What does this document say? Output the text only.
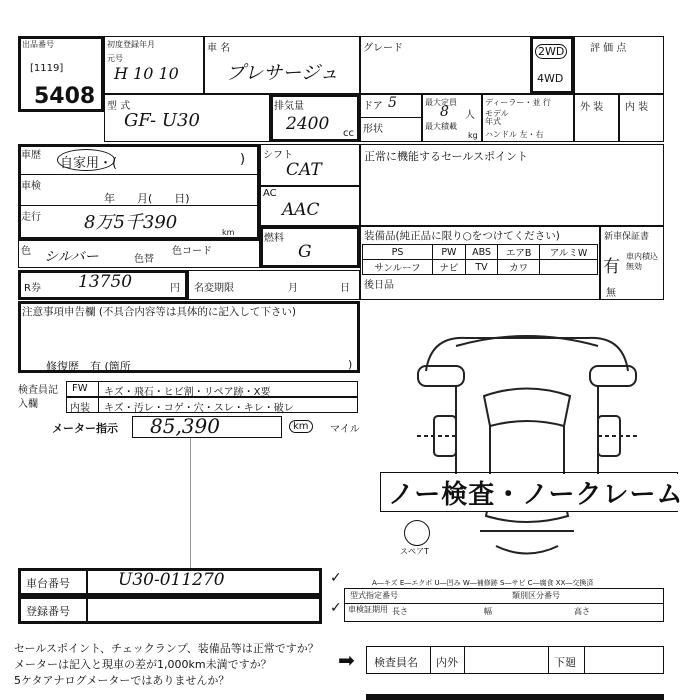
出品番号
[1119]
5408
初度登録年月
元号
H 10 10
車 名
プレサージュ
グレード	2WD
4WD
評 価 点
型 式
GF- U30
排気量
2400 cc
ドア 5
形状
最大定員
8 人
最大積載
kg
ディーラー・並 行
モデル年式
ハンドル 左・右
外 装 内 装
車歴
自家用・(	)
車検
年　　月(　　日)
走行 8万5千390	km
色 シルバー	色替
色コード
R券 13750	円 名変期限	月	日
シフト
CAT
AC
AAC
燃料
G
正常に機能するセールスポイント
装備品(純正品に限り○をつけてください)
PS	PW	ABS	エアB	アルミW
サンルーフ	ナビ	TV	カワ	
後日品
新車保証書
有
車内積込無効
無
注意事項申告欄 (不具合内容等は具体的に記入して下さい)
修復歴　有 (箇所	)
検査員記入欄
FW キズ・飛石・ヒビ割・リペア跡・X要
内装 キズ・汚レ・コゲ・穴・スレ・キレ・破レ
メーター指示 85,390	km	マイル
ノー検査・ノークレーム
スペアT
車台番号	U30-011270
登録番号
✓
✓
A―キズ E―エクボ U―凹み W―補修跡 S―サビ C―腐食 XX―交換済
型式指定番号	類別区分番号
車検証期用 長さ	幅	高さ
セールスポイント、チェックランプ、装備品等は正常ですか？
メーターは記入と現車の差が1,000km未満ですか？
5ケタアナログメーターではありませんか？
➡ 検査員名 内外	下廻
